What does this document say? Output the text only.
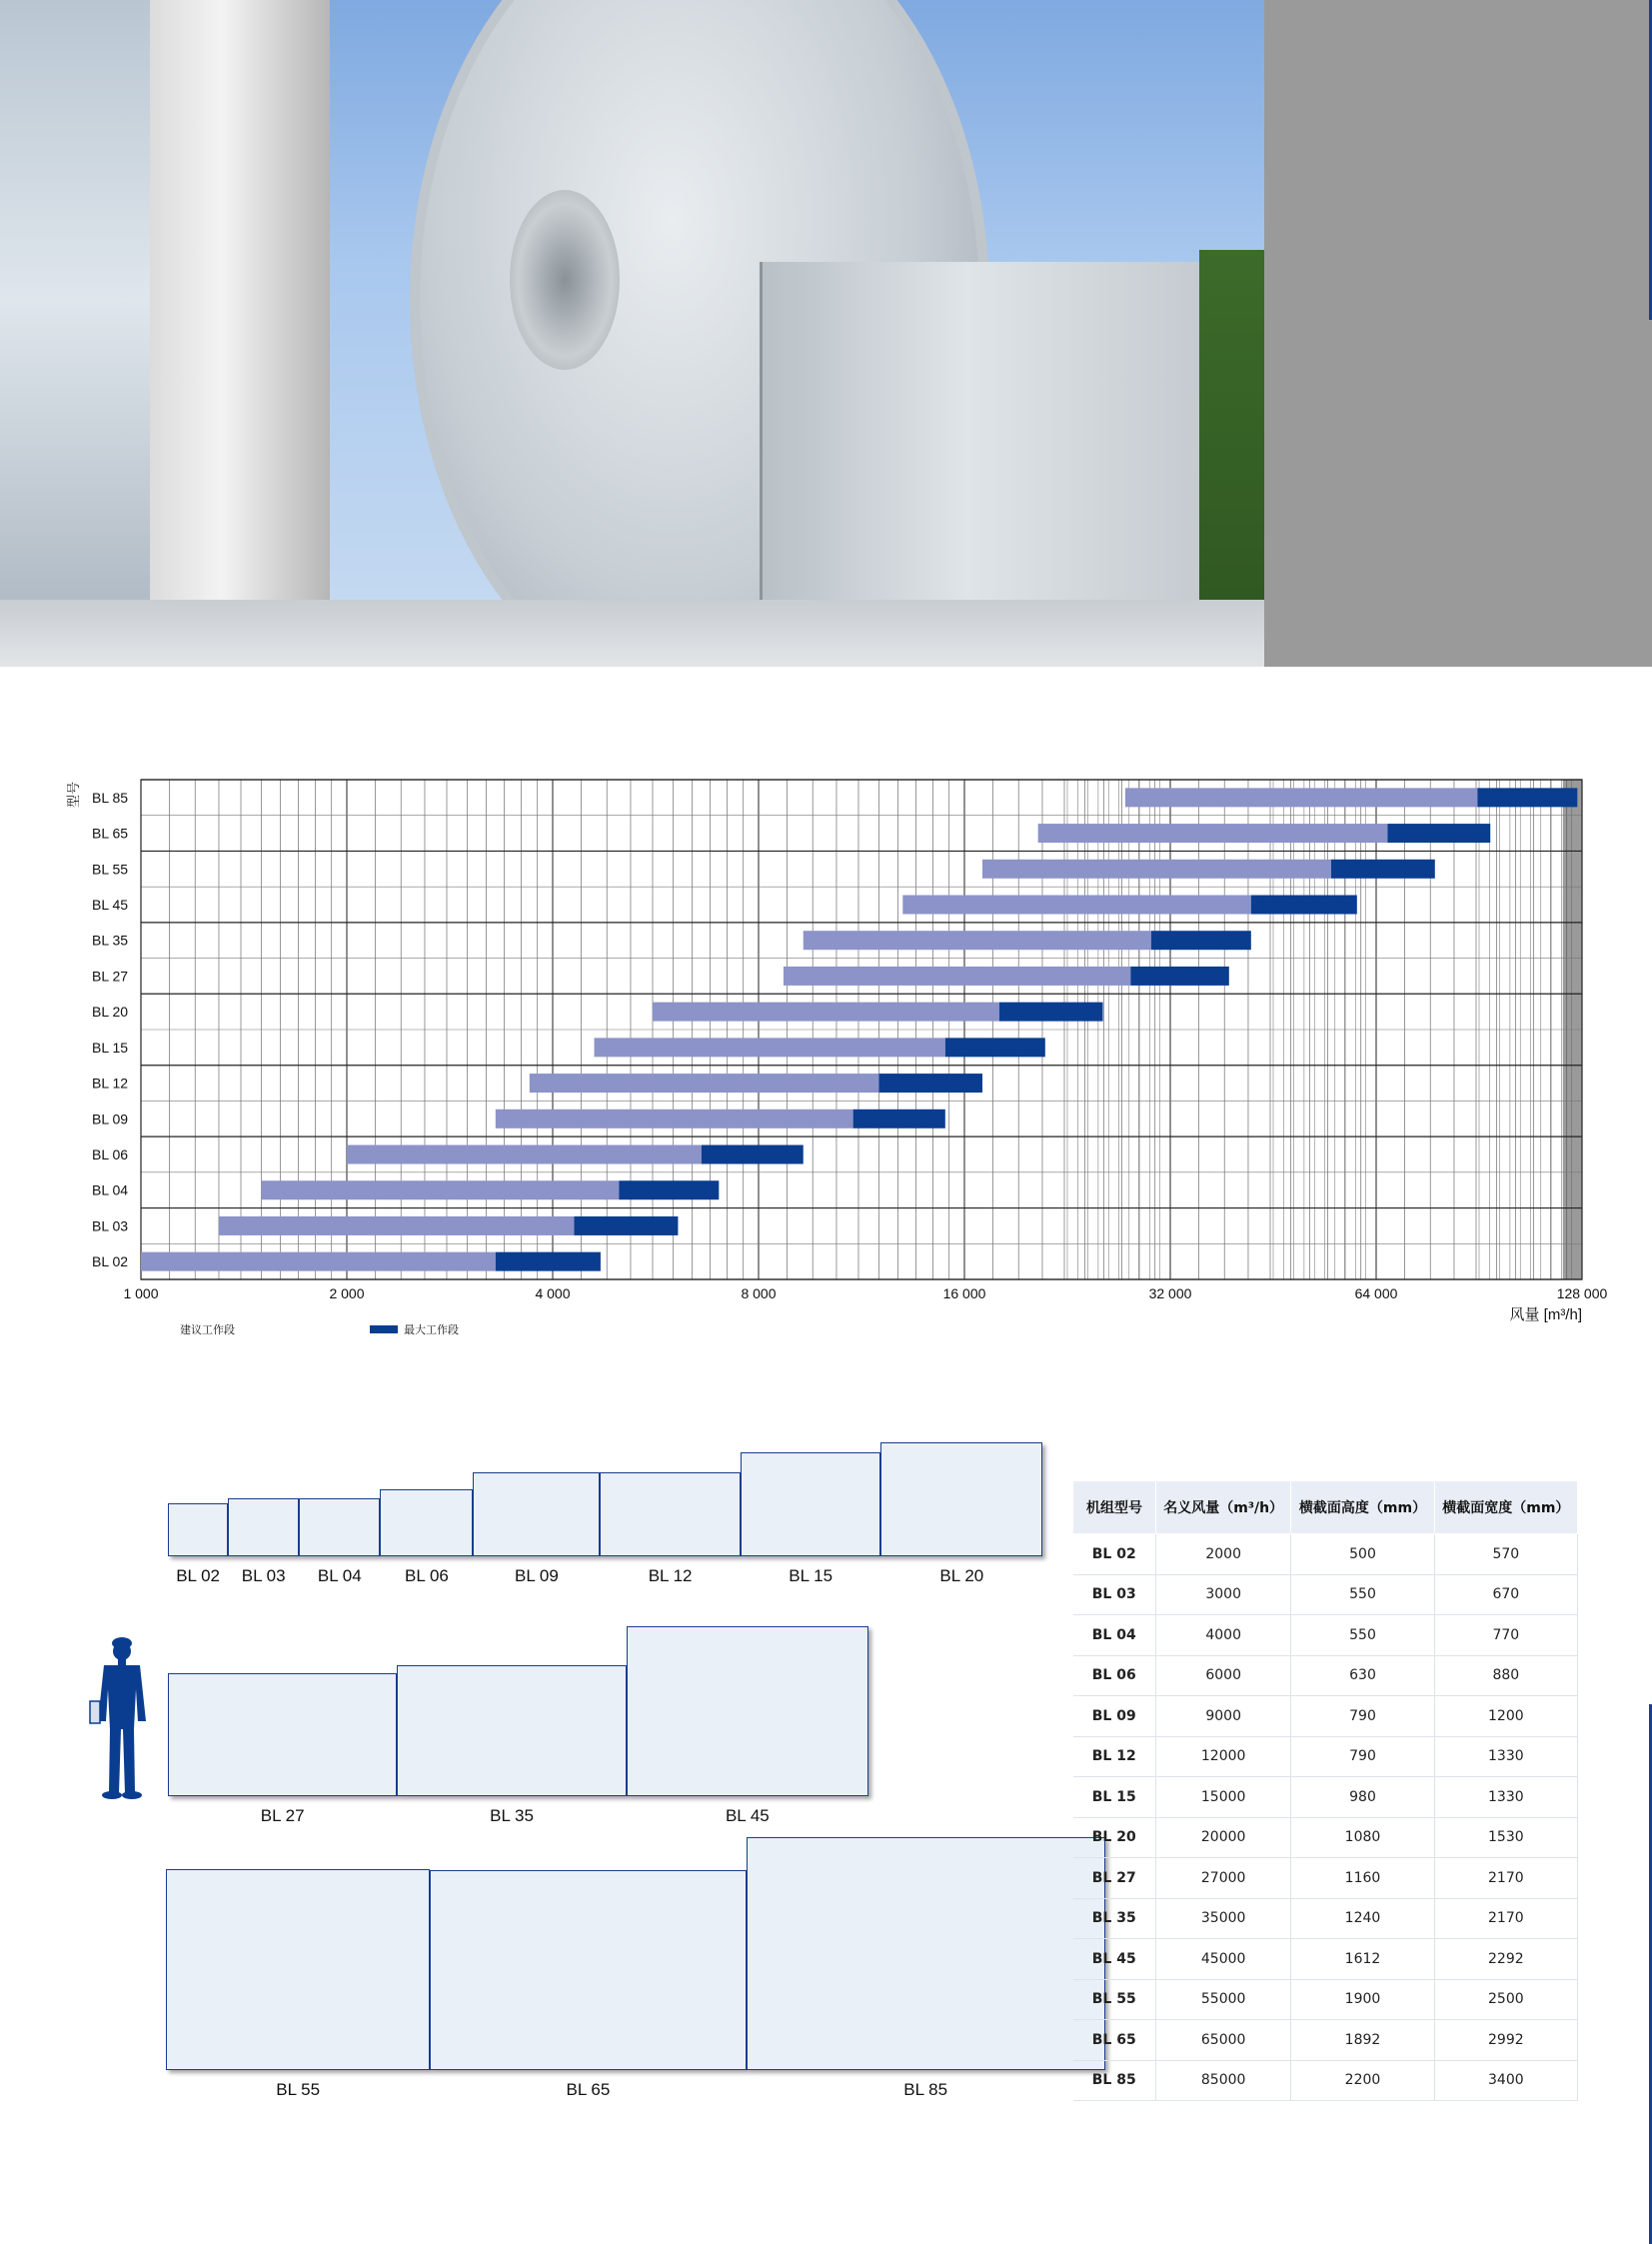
1 000	2 000	4 000	8 000	16 000	32 000	64 000	128 000
BL 85
BL 65
BL 55
BL 45
BL 35
BL 27
BL 20
BL 15
BL 12
BL 09
BL 06
BL 04
BL 03
BL 02
型号
风量 [m³/h]
建议工作段	最大工作段
BL 02 BL 03 BL 04	BL 06	BL 09	BL 12	BL 15	BL 20
BL 27	BL 35	BL 45
BL 55	BL 65	BL 85
机组型号	名义风量（m³/h）	横截面高度（mm）	横截面宽度（mm）
BL 02	2000	500	570
BL 03	3000	550	670
BL 04	4000	550	770
BL 06	6000	630	880
BL 09	9000	790	1200
BL 12	12000	790	1330
BL 15	15000	980	1330
BL 20	20000	1080	1530
BL 27	27000	1160	2170
BL 35	35000	1240	2170
BL 45	45000	1612	2292
BL 55	55000	1900	2500
BL 65	65000	1892	2992
BL 85	85000	2200	3400
